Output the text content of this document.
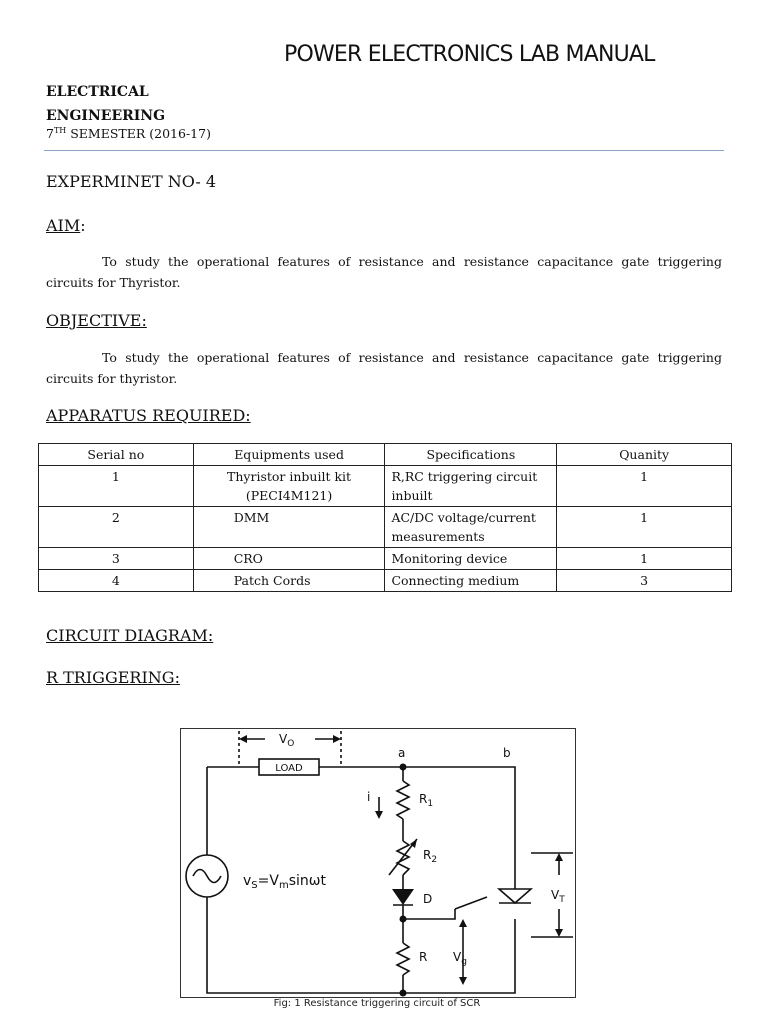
POWER ELECTRONICS LAB MANUAL
ELECTRICAL
ENGINEERING
7TH SEMESTER (2016-17)
EXPERMINET NO- 4
AIM:
To study the operational features of resistance and resistance capacitance gate triggering circuits for Thyristor.
OBJECTIVE:
To study the operational features of resistance and resistance capacitance gate triggering circuits for thyristor.
APPARATUS REQUIRED:
Serial no	Equipments used	Specifications	Quanity
1	Thyristor inbuilt kit (PECI4M121)	R,RC triggering circuit inbuilt	1
2	DMM	AC/DC voltage/current measurements	1
3	CRO	Monitoring device	1
4	Patch Cords	Connecting medium	3
CIRCUIT DIAGRAM:
R TRIGGERING:
$V_O$
a	b
LOAD
i	$R_1$
$R_2$
D
$v_S=V_m\sin\omega t$
$V_T$
R $V_g$
Fig: 1 Resistance triggering circuit of SCR
